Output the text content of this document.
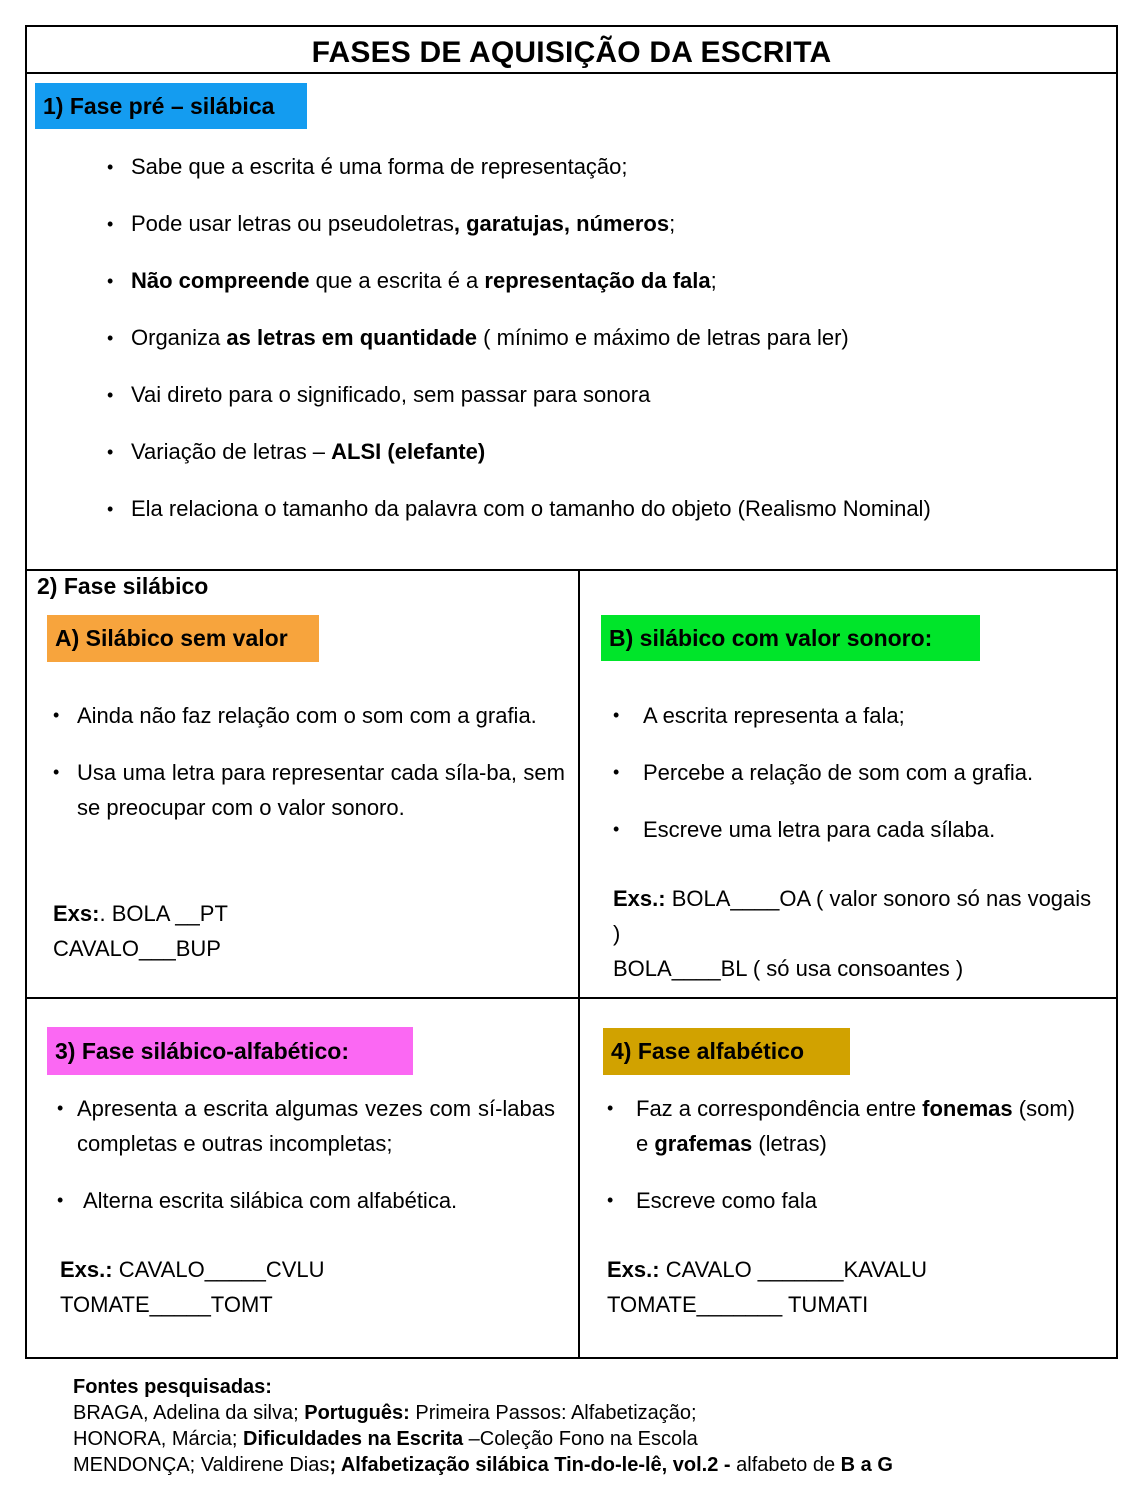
FASES DE AQUISIÇÃO DA ESCRITA
1) Fase pré – silábica
• Sabe que a escrita é uma forma de representação;
• Pode usar letras ou pseudoletras, garatujas, números;
• Não compreende que a escrita é a representação da fala;
• Organiza as letras em quantidade ( mínimo e máximo de letras para ler)
• Vai direto para o significado, sem passar para sonora
• Variação de letras – ALSI (elefante)
• Ela relaciona o tamanho da palavra com o tamanho do objeto (Realismo Nominal)
2) Fase silábico
A) Silábico sem valor
• Ainda não faz relação com o som com a grafia.
• Usa uma letra para representar cada síla-ba, sem se preocupar com o valor sonoro.
Exs:. BOLA __PT
CAVALO___BUP
B) silábico com valor sonoro:
• A escrita representa a fala;
• Percebe a relação de som com a grafia.
• Escreve uma letra para cada sílaba.
Exs.: BOLA____OA ( valor sonoro só nas vogais )
BOLA____BL ( só usa consoantes )
3) Fase silábico-alfabético:
• Apresenta a escrita algumas vezes com sí-labas completas e outras incompletas;
• Alterna escrita silábica com alfabética.
Exs.: CAVALO_____CVLU
TOMATE_____TOMT
4) Fase alfabético
• Faz a correspondência entre fonemas (som) e grafemas (letras)
• Escreve como fala
Exs.: CAVALO _______KAVALU
TOMATE_______ TUMATI
Fontes pesquisadas:
BRAGA, Adelina da silva; Português: Primeira Passos: Alfabetização;
HONORA, Márcia; Dificuldades na Escrita –Coleção Fono na Escola
MENDONÇA; Valdirene Dias; Alfabetização silábica Tin-do-le-lê, vol.2 - alfabeto de B a G
